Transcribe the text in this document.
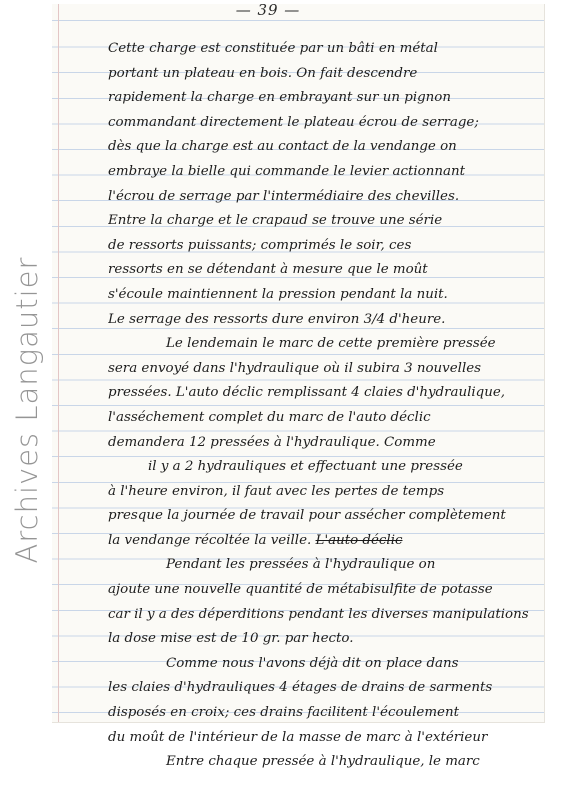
— 39 —
Archives Langautier
Cette charge est constituée par un bâti en métal
portant un plateau en bois. On fait descendre
rapidement la charge en embrayant sur un pignon
commandant directement le plateau écrou de serrage;
dès que la charge est au contact de la vendange on
embraye la bielle qui commande le levier actionnant
l'écrou de serrage par l'intermédiaire des chevilles.
Entre la charge et le crapaud se trouve une série
de ressorts puissants; comprimés le soir, ces
ressorts en se détendant à mesure que le moût
s'écoule maintiennent la pression pendant la nuit.
Le serrage des ressorts dure environ 3/4 d'heure.
Le lendemain le marc de cette première pressée
sera envoyé dans l'hydraulique où il subira 3 nouvelles
pressées. L'auto déclic remplissant 4 claies d'hydraulique,
l'asséchement complet du marc de l'auto déclic
demandera 12 pressées à l'hydraulique. Comme
il y a 2 hydrauliques et effectuant une pressée
à l'heure environ, il faut avec les pertes de temps
presque la journée de travail pour assécher complètement
la vendange récoltée la veille. L'auto déclic
Pendant les pressées à l'hydraulique on
ajoute une nouvelle quantité de métabisulfite de potasse
car il y a des déperditions pendant les diverses manipulations
la dose mise est de 10 gr. par hecto.
Comme nous l'avons déjà dit on place dans
les claies d'hydrauliques 4 étages de drains de sarments
disposés en croix; ces drains facilitent l'écoulement
du moût de l'intérieur de la masse de marc à l'extérieur
Entre chaque pressée à l'hydraulique, le marc
